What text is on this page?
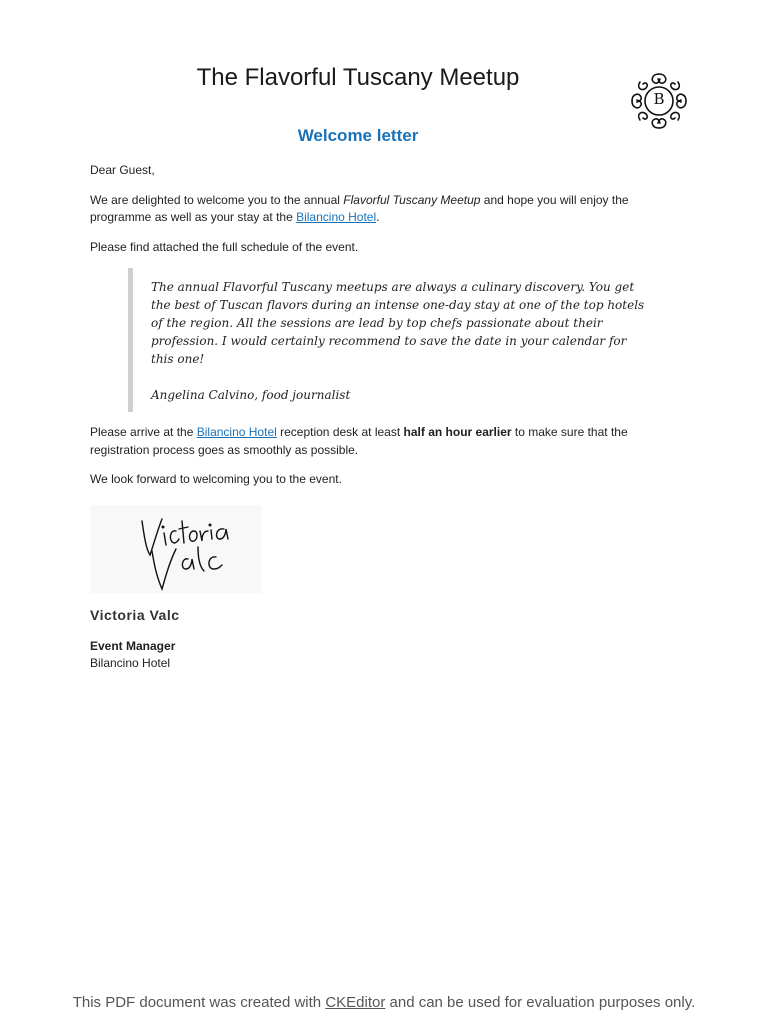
The Flavorful Tuscany Meetup
B
Welcome letter

Dear Guest,

We are delighted to welcome you to the annual Flavorful Tuscany Meetup and hope you will enjoy the programme as well as your stay at the Bilancino Hotel.

Please find attached the full schedule of the event.

The annual Flavorful Tuscany meetups are always a culinary discovery. You get the best of Tuscan flavors during an intense one-day stay at one of the top hotels of the region. All the sessions are lead by top chefs passionate about their profession. I would certainly recommend to save the date in your calendar for this one!

Angelina Calvino, food journalist

Please arrive at the Bilancino Hotel reception desk at least half an hour earlier to make sure that the registration process goes as smoothly as possible.

We look forward to welcoming you to the event.

Victoria Valc
Event Manager
Bilancino Hotel
This PDF document was created with CKEditor and can be used for evaluation purposes only.
